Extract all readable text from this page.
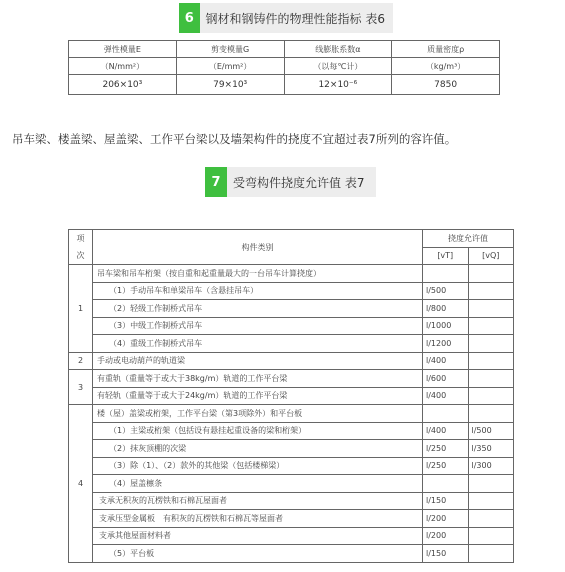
6 钢材和钢铸件的物理性能指标 表6
弹性模量E	剪变模量G	线膨胀系数α	质量密度ρ
（N/mm²）	（E/mm²）	（以每℃计）	（kg/m³）
206×10³	79×10³	12×10⁻⁶	7850
吊车梁、楼盖梁、屋盖梁、工作平台梁以及墙架构件的挠度不宜超过表7所列的容许值。
7	受弯构件挠度允许值 表7
项
次	构件类别	挠度允许值	
		[vT]	[vQ]
1	吊车梁和吊车桁架（按自重和起重量最大的一台吊车计算挠度）		
	（1）手动吊车和单梁吊车（含悬挂吊车）	l/500	
	（2）轻级工作制桥式吊车	l/800	
	（3）中级工作制桥式吊车	l/1000	
	（4）重级工作制桥式吊车	l/1200	
2	手动或电动葫芦的轨道梁	l/400	
3	有重轨（重量等于或大于38kg/m）轨道的工作平台梁	l/600	
	有轻轨（重量等于或大于24kg/m）轨道的工作平台梁	l/400	
4	楼（屋）盖梁或桁架，工作平台梁（第3项除外）和平台板		
	（1）主梁或桁架（包括设有悬挂起重设备的梁和桁架）	l/400	l/500
	（2）抹灰顶棚的次梁	l/250	l/350
	（3）除（1）、（2）款外的其他梁（包括楼梯梁）	l/250	l/300
	（4）屋盖檩条		
	支承无积灰的瓦楞铁和石棉瓦屋面者	l/150	
	支承压型金属板　有积灰的瓦楞铁和石棉瓦等屋面者	l/200	
	支承其他屋面材料者	l/200	
	（5）平台板	l/150	
